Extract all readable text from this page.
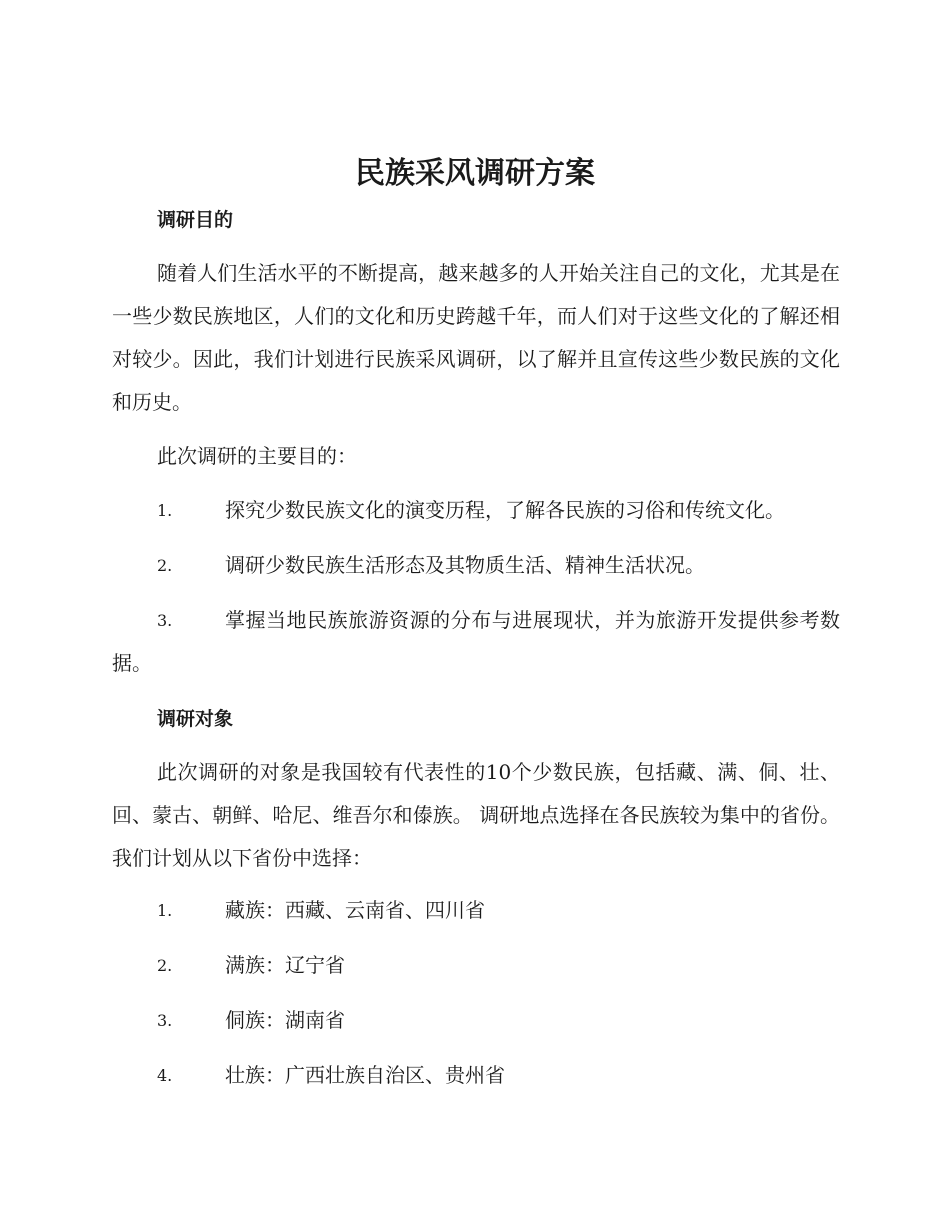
民族采风调研方案
调研目的
随着人们生活水平的不断提高，越来越多的人开始关注自己的文化，尤其是在一些少数民族地区，人们的文化和历史跨越千年，而人们对于这些文化的了解还相对较少。因此，我们计划进行民族采风调研，以了解并且宣传这些少数民族的文化和历史。
此次调研的主要目的：
1.	探究少数民族文化的演变历程，了解各民族的习俗和传统文化。
2.	调研少数民族生活形态及其物质生活、精神生活状况。
3.	掌握当地民族旅游资源的分布与进展现状，并为旅游开发提供参考数据。
调研对象
此次调研的对象是我国较有代表性的10个少数民族，包括藏、满、侗、壮、回、蒙古、朝鲜、哈尼、维吾尔和傣族。 调研地点选择在各民族较为集中的省份。我们计划从以下省份中选择：
1.	藏族：西藏、云南省、四川省
2.	满族：辽宁省
3.	侗族：湖南省
4.	壮族：广西壮族自治区、贵州省
